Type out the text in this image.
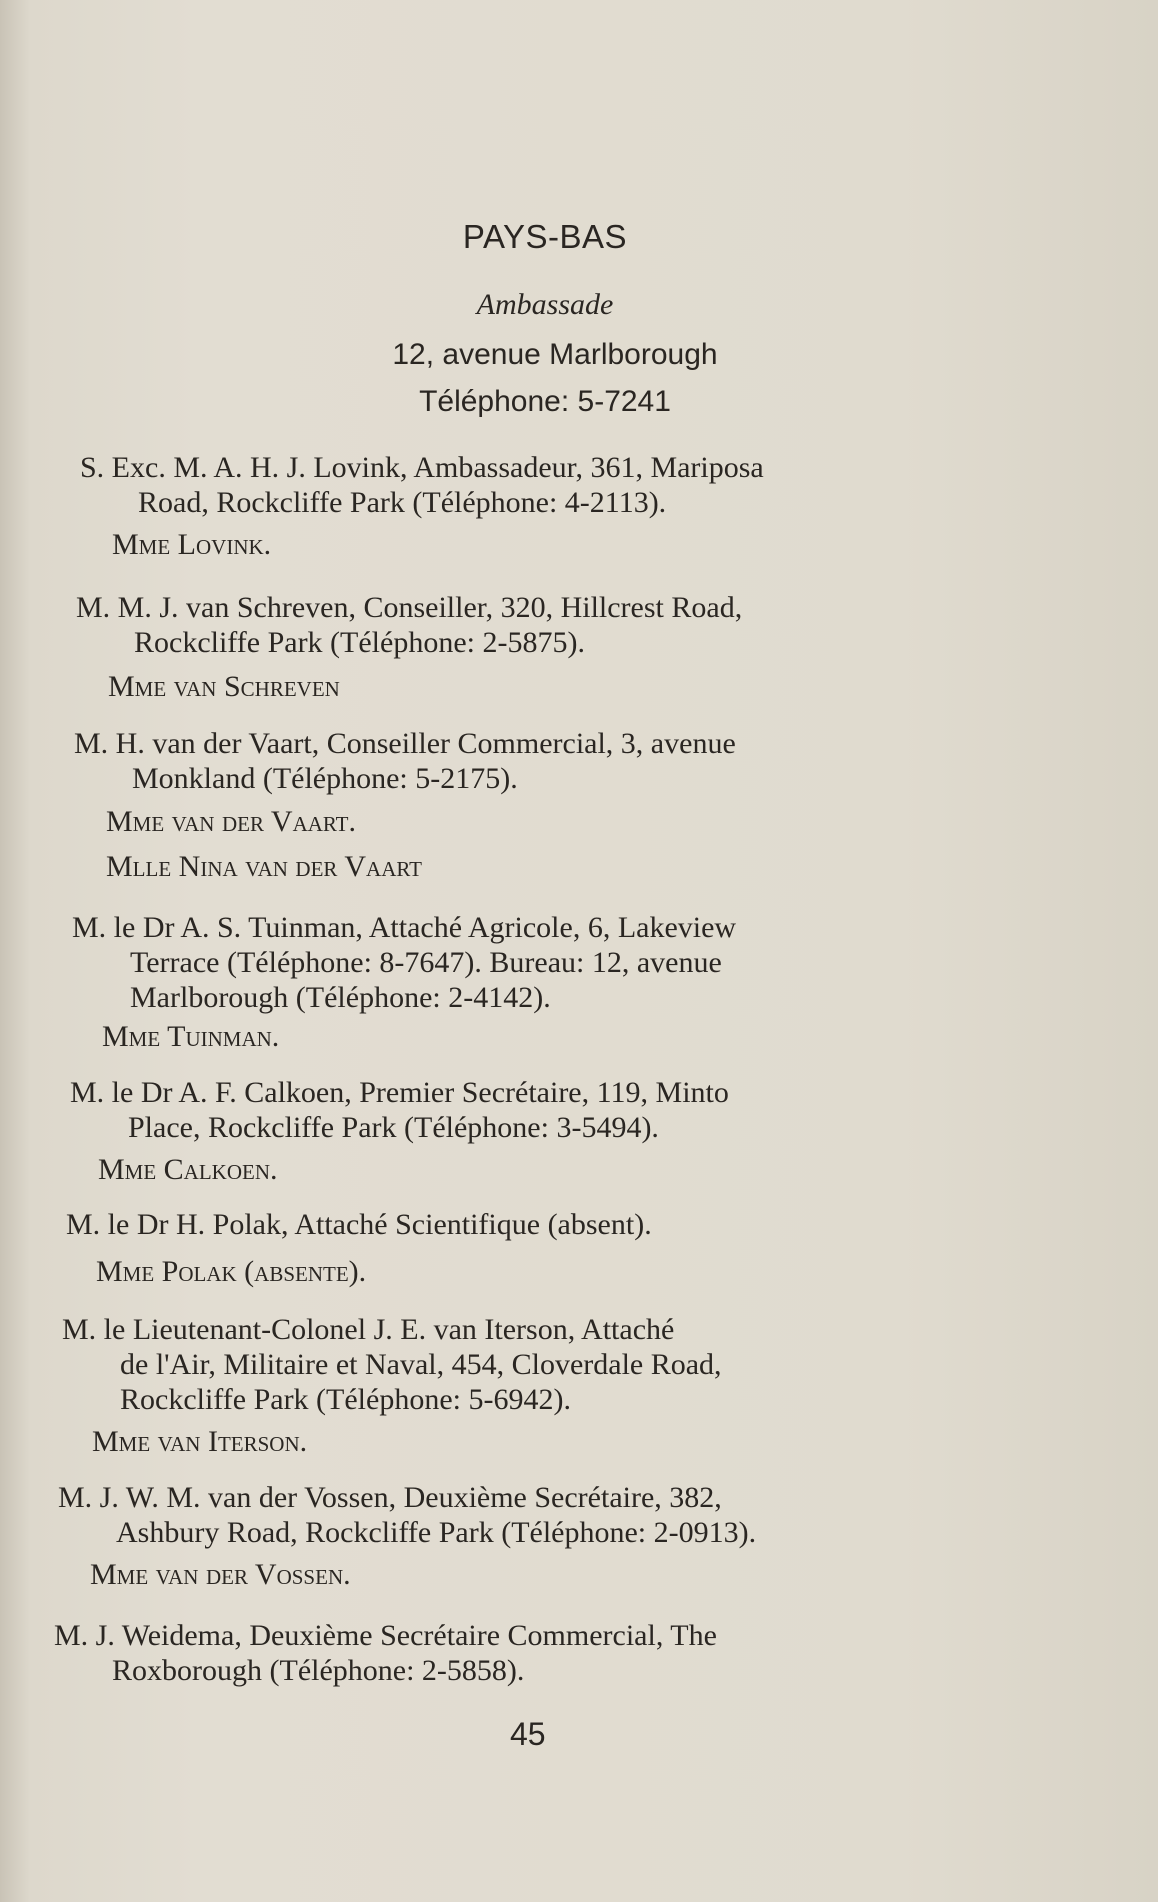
PAYS-BAS
Ambassade
12, avenue Marlborough
Téléphone: 5-7241
S. Exc. M. A. H. J. Lovink, Ambassadeur, 361, Mariposa
Road, Rockcliffe Park (Téléphone: 4-2113).
Mme Lovink.
M. M. J. van Schreven, Conseiller, 320, Hillcrest Road,
Rockcliffe Park (Téléphone: 2-5875).
Mme van Schreven
M. H. van der Vaart, Conseiller Commercial, 3, avenue
Monkland (Téléphone: 5-2175).
Mme van der Vaart.
Mlle Nina van der Vaart
M. le Dr A. S. Tuinman, Attaché Agricole, 6, Lakeview
Terrace (Téléphone: 8-7647). Bureau: 12, avenue
Marlborough (Téléphone: 2-4142).
Mme Tuinman.
M. le Dr A. F. Calkoen, Premier Secrétaire, 119, Minto
Place, Rockcliffe Park (Téléphone: 3-5494).
Mme Calkoen.
M. le Dr H. Polak, Attaché Scientifique (absent).
Mme Polak (absente).
M. le Lieutenant-Colonel J. E. van Iterson, Attaché
de l'Air, Militaire et Naval, 454, Cloverdale Road,
Rockcliffe Park (Téléphone: 5-6942).
Mme van Iterson.
M. J. W. M. van der Vossen, Deuxième Secrétaire, 382,
Ashbury Road, Rockcliffe Park (Téléphone: 2-0913).
Mme van der Vossen.
M. J. Weidema, Deuxième Secrétaire Commercial, The
Roxborough (Téléphone: 2-5858).
45
